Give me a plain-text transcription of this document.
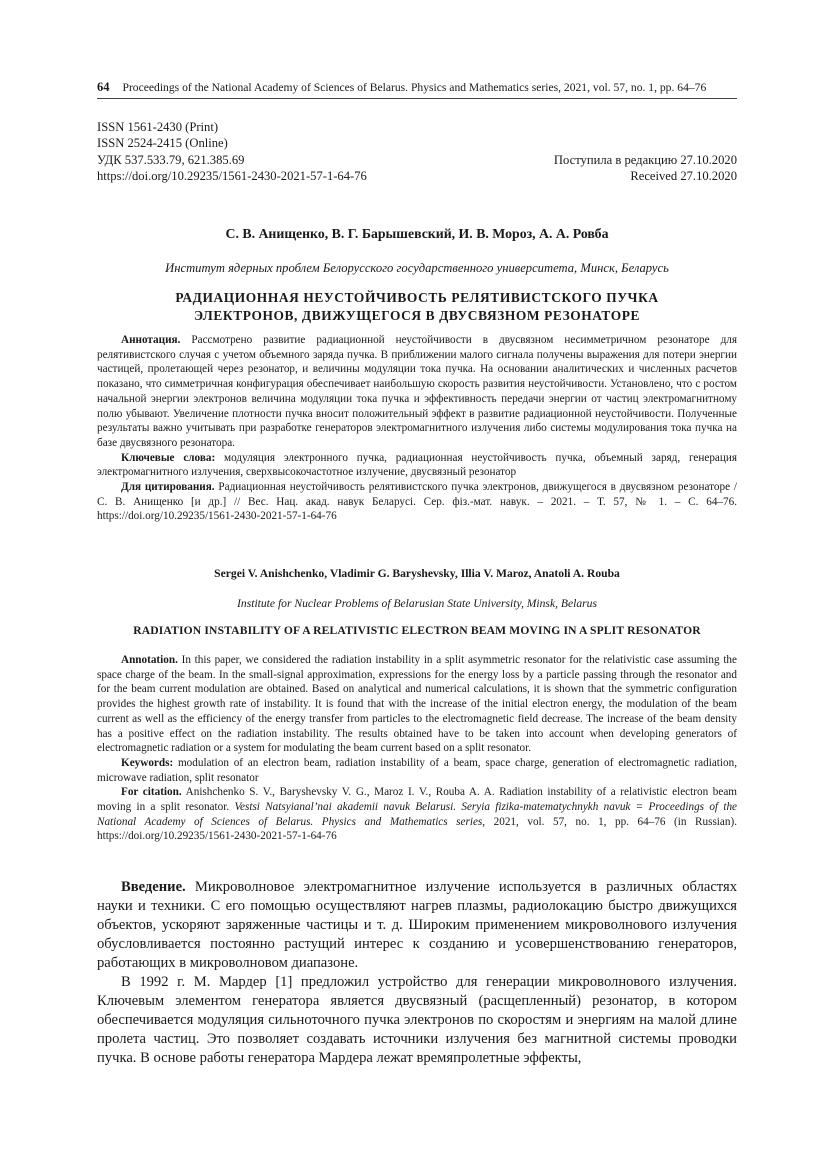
64 Proceedings of the National Academy of Sciences of Belarus. Physics and Mathematics series, 2021, vol. 57, no. 1, pp. 64–76
ISSN 1561-2430 (Print)
ISSN 2524-2415 (Online)
УДК 537.533.79, 621.385.69	Поступила в редакцию 27.10.2020
https://doi.org/10.29235/1561-2430-2021-57-1-64-76	Received 27.10.2020
С. В. Анищенко, В. Г. Барышевский, И. В. Мороз, А. А. Ровба
Институт ядерных проблем Белорусского государственного университета, Минск, Беларусь
РАДИАЦИОННАЯ НЕУСТОЙЧИВОСТЬ РЕЛЯТИВИСТСКОГО ПУЧКА
ЭЛЕКТРОНОВ, ДВИЖУЩЕГОСЯ В ДВУСВЯЗНОМ РЕЗОНАТОРЕ

Аннотация. Рассмотрено развитие радиационной неустойчивости в двусвязном несимметричном резонаторе для релятивистского случая с учетом объемного заряда пучка. В приближении малого сигнала получены выражения для потери энергии частицей, пролетающей через резонатор, и величины модуляции тока пучка. На основании аналитических и численных расчетов показано, что симметричная конфигурация обеспечивает наибольшую скорость развития неустойчивости. Установлено, что с ростом начальной энергии электронов величина модуляции тока пучка и эффективность передачи энергии от частиц электромагнитному полю убывают. Увеличение плотности пучка вносит положительный эффект в развитие радиационной неустойчивости. Полученные результаты важно учитывать при разработке генераторов электромагнитного излучения либо системы модулирования тока пучка на базе двусвязного резонатора.

Ключевые слова: модуляция электронного пучка, радиационная неустойчивость пучка, объемный заряд, генерация электромагнитного излучения, сверхвысокочастотное излучение, двусвязный резонатор

Для цитирования. Радиационная неустойчивость релятивистского пучка электронов, движущегося в двусвязном резонаторе / С. В. Анищенко [и др.] // Вес. Нац. акад. навук Беларусі. Сер. фіз.-мат. навук. – 2021. – Т. 57, № 1. – С. 64–76. https://doi.org/10.29235/1561-2430-2021-57-1-64-76

Sergei V. Anishchenko, Vladimir G. Baryshevsky, Illia V. Maroz, Anatoli A. Rouba
Institute for Nuclear Problems of Belarusian State University, Minsk, Belarus
RADIATION INSTABILITY OF A RELATIVISTIC ELECTRON BEAM MOVING IN A SPLIT RESONATOR

Annotation. In this paper, we considered the radiation instability in a split asymmetric resonator for the relativistic case assuming the space charge of the beam. In the small-signal approximation, expressions for the energy loss by a particle passing through the resonator and for the beam current modulation are obtained. Based on analytical and numerical calculations, it is shown that the symmetric configuration provides the highest growth rate of instability. It is found that with the increase of the initial electron energy, the modulation of the beam current as well as the efficiency of the energy transfer from particles to the electromagnetic field decrease. The increase of the beam density has a positive effect on the radiation instability. The results obtained have to be taken into account when developing generators of electromagnetic radiation or a system for modulating the beam current based on a split resonator.

Keywords: modulation of an electron beam, radiation instability of a beam, space charge, generation of electromagnetic radiation, microwave radiation, split resonator

For citation. Anishchenko S. V., Baryshevsky V. G., Maroz I. V., Rouba A. A. Radiation instability of a relativistic electron beam moving in a split resonator. Vestsi Natsyianal’nai akademii navuk Belarusi. Seryia fizika-matematychnykh navuk = Proceedings of the National Academy of Sciences of Belarus. Physics and Mathematics series, 2021, vol. 57, no. 1, pp. 64–76 (in Russian). https://doi.org/10.29235/1561-2430-2021-57-1-64-76

Введение. Микроволновое электромагнитное излучение используется в различных областях науки и техники. С его помощью осуществляют нагрев плазмы, радиолокацию быстро движущихся объектов, ускоряют заряженные частицы и т. д. Широким применением микроволнового излучения обусловливается постоянно растущий интерес к созданию и усовершенствованию генераторов, работающих в микроволновом диапазоне.

В 1992 г. М. Мардер [1] предложил устройство для генерации микроволнового излучения. Ключевым элементом генератора является двусвязный (расщепленный) резонатор, в котором обеспечивается модуляция сильноточного пучка электронов по скоростям и энергиям на малой длине пролета частиц. Это позволяет создавать источники излучения без магнитной системы проводки пучка. В основе работы генератора Мардера лежат времяпролетные эффекты,
